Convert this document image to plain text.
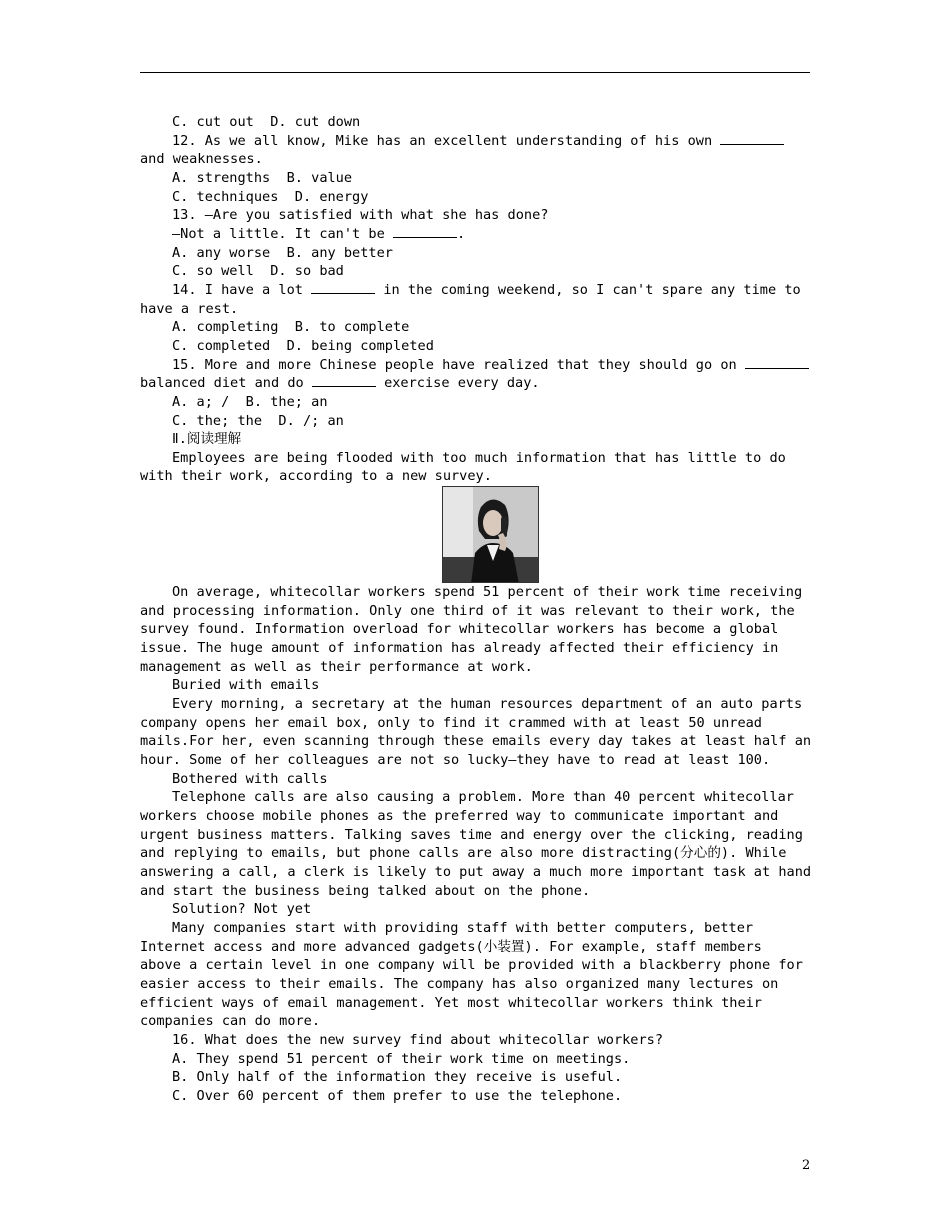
C. cut out  D. cut down
12. As we all know, Mike has an excellent understanding of his own
and weaknesses.
A. strengths  B. value
C. techniques  D. energy
13. —Are you satisfied with what she has done?
—Not a little. It can't be	.
A. any worse  B. any better
C. so well  D. so bad
14. I have a lot	in the coming weekend, so I can't spare any time to
have a rest.
A. completing  B. to complete
C. completed  D. being completed
15. More and more Chinese people have realized that they should go on
balanced diet and do	exercise every day.
A. a; /  B. the; an
C. the; the  D. /; an
Ⅱ.阅读理解
Employees are being flooded with too much information that has little to do
with their work, according to a new survey.
On average, whitecollar workers spend 51 percent of their work time receiving
and processing information. Only one third of it was relevant to their work, the
survey found. Information overload for whitecollar workers has become a global
issue. The huge amount of information has already affected their efficiency in
management as well as their performance at work.
Buried with emails
Every morning, a secretary at the human resources department of an auto parts
company opens her email box, only to find it crammed with at least 50 unread
mails.For her, even scanning through these emails every day takes at least half an
hour. Some of her colleagues are not so lucky—they have to read at least 100.
Bothered with calls
Telephone calls are also causing a problem. More than 40 percent whitecollar
workers choose mobile phones as the preferred way to communicate important and
urgent business matters. Talking saves time and energy over the clicking, reading
and replying to emails, but phone calls are also more distracting(分心的). While
answering a call, a clerk is likely to put away a much more important task at hand
and start the business being talked about on the phone.
Solution? Not yet
Many companies start with providing staff with better computers, better
Internet access and more advanced gadgets(小装置). For example, staff members
above a certain level in one company will be provided with a blackberry phone for
easier access to their emails. The company has also organized many lectures on
efficient ways of email management. Yet most whitecollar workers think their
companies can do more.
16. What does the new survey find about whitecollar workers?
A. They spend 51 percent of their work time on meetings.
B. Only half of the information they receive is useful.
C. Over 60 percent of them prefer to use the telephone.
2
